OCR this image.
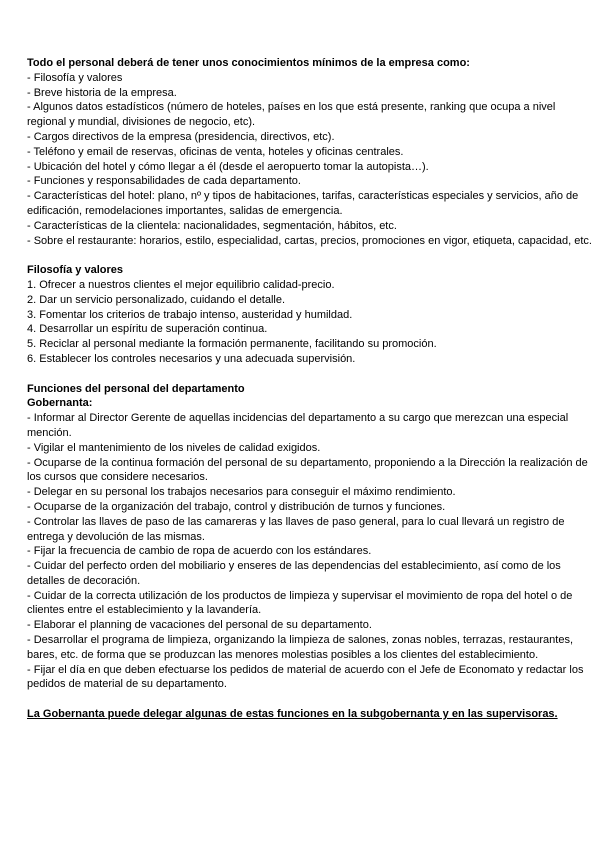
Todo el personal deberá de tener unos conocimientos mínimos de la empresa como:

- Filosofía y valores

- Breve historia de la empresa.

- Algunos datos estadísticos (número de hoteles, países en los que está presente, ranking que ocupa a nivel regional y mundial, divisiones de negocio, etc).

- Cargos directivos de la empresa (presidencia, directivos, etc).

- Teléfono y email de reservas, oficinas de venta, hoteles y oficinas centrales.

- Ubicación del hotel y cómo llegar a él (desde el aeropuerto tomar la autopista…).

- Funciones y responsabilidades de cada departamento.

- Características del hotel: plano, nº y tipos de habitaciones, tarifas, características especiales y servicios, año de edificación, remodelaciones importantes, salidas de emergencia.

- Características de la clientela: nacionalidades, segmentación, hábitos, etc.

- Sobre el restaurante: horarios, estilo, especialidad, cartas, precios, promociones en vigor, etiqueta, capacidad, etc.

Filosofía y valores

1. Ofrecer a nuestros clientes el mejor equilibrio calidad-precio.

2. Dar un servicio personalizado, cuidando el detalle.

3. Fomentar los criterios de trabajo intenso, austeridad y humildad.

4. Desarrollar un espíritu de superación continua.

5. Reciclar al personal mediante la formación permanente, facilitando su promoción.

6. Establecer los controles necesarios y una adecuada supervisión.

Funciones del personal del departamento

Gobernanta:

- Informar al Director Gerente de aquellas incidencias del departamento a su cargo que merezcan una especial mención.

- Vigilar el mantenimiento de los niveles de calidad exigidos.

- Ocuparse de la continua formación del personal de su departamento, proponiendo a la Dirección la realización de los cursos que considere necesarios.

- Delegar en su personal los trabajos necesarios para conseguir el máximo rendimiento.

- Ocuparse de la organización del trabajo, control y distribución de turnos y funciones.

- Controlar las llaves de paso de las camareras y las llaves de paso general, para lo cual llevará un registro de entrega y devolución de las mismas.

- Fijar la frecuencia de cambio de ropa de acuerdo con los estándares.

- Cuidar del perfecto orden del mobiliario y enseres de las dependencias del establecimiento, así como de los detalles de decoración.

- Cuidar de la correcta utilización de los productos de limpieza y supervisar el movimiento de ropa del hotel o de clientes entre el establecimiento y la lavandería.

- Elaborar el planning de vacaciones del personal de su departamento.

- Desarrollar el programa de limpieza, organizando la limpieza de salones, zonas nobles, terrazas, restaurantes, bares, etc. de forma que se produzcan las menores molestias posibles a los clientes del establecimiento.

- Fijar el día en que deben efectuarse los pedidos de material de acuerdo con el Jefe de Economato y redactar los pedidos de material de su departamento.

La Gobernanta puede delegar algunas de estas funciones en la subgobernanta y en las supervisoras.
